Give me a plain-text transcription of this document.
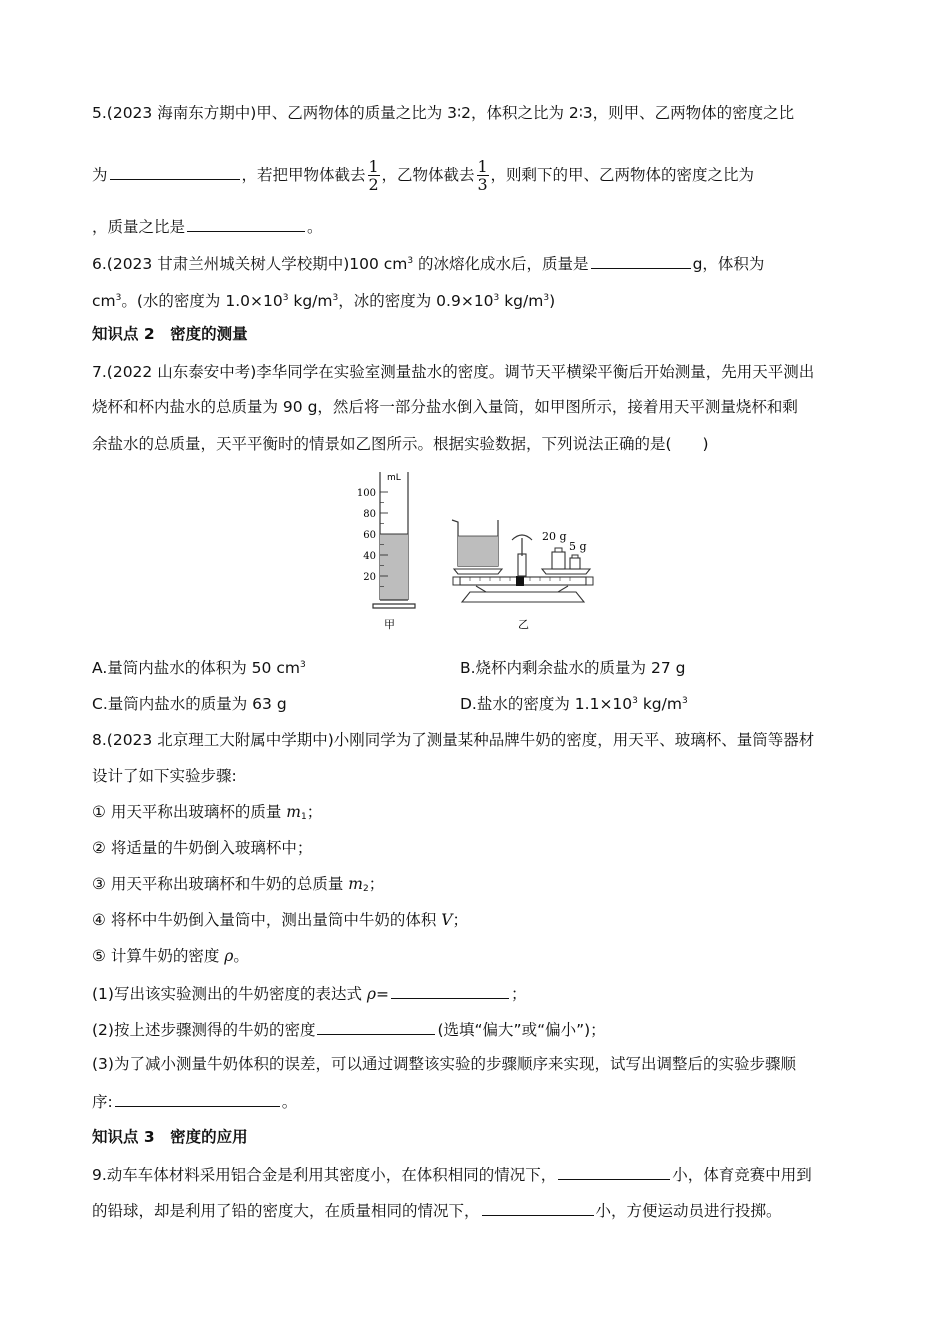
5.(2023 海南东方期中)甲、乙两物体的质量之比为 3∶2，体积之比为 2∶3，则甲、乙两物体的密度之比
为	，若把甲物体截去 $\frac{1}{2}$ ，乙物体截去 $\frac{1}{3}$ ，则剩下的甲、乙两物体的密度之比为
，质量之比是	。
6.(2023 甘肃兰州城关树人学校期中)100 $cm^3$ 的冰熔化成水后，质量是	g，体积为
$cm^3$。(水的密度为 $1.0\times 10^3$ $kg/m^3$，冰的密度为 $0.9\times 10^3$ $kg/m^3$)
知识点 2　密度的测量
7.(2022 山东泰安中考)李华同学在实验室测量盐水的密度。调节天平横梁平衡后开始测量，先用天平测出
烧杯和杯内盐水的总质量为 90 g，然后将一部分盐水倒入量筒，如甲图所示，接着用天平测量烧杯和剩
余盐水的总质量，天平平衡时的情景如乙图所示。根据实验数据，下列说法正确的是(　　)
mL
100
80
60
40
20
甲
20 g
5 g
乙
A.量筒内盐水的体积为 50 $cm^3$	B.烧杯内剩余盐水的质量为 27 g
C.量筒内盐水的质量为 63 g	D.盐水的密度为 $1.1\times 10^3$ $kg/m^3$
8.(2023 北京理工大附属中学期中)小刚同学为了测量某种品牌牛奶的密度，用天平、玻璃杯、量筒等器材
设计了如下实验步骤:
① 用天平称出玻璃杯的质量 $m_1$；
② 将适量的牛奶倒入玻璃杯中；
③ 用天平称出玻璃杯和牛奶的总质量 $m_2$；
④ 将杯中牛奶倒入量筒中，测出量筒中牛奶的体积 V；
⑤ 计算牛奶的密度 ρ。
(1)写出该实验测出的牛奶密度的表达式 ρ=	；
(2)按上述步骤测得的牛奶的密度	(选填“偏大”或“偏小”)；
(3)为了减小测量牛奶体积的误差，可以通过调整该实验的步骤顺序来实现，试写出调整后的实验步骤顺
序:	。
知识点 3　密度的应用
9.动车车体材料采用铝合金是利用其密度小，在体积相同的情况下，	小，体育竞赛中用到
的铅球，却是利用了铅的密度大，在质量相同的情况下，	小，方便运动员进行投掷。
